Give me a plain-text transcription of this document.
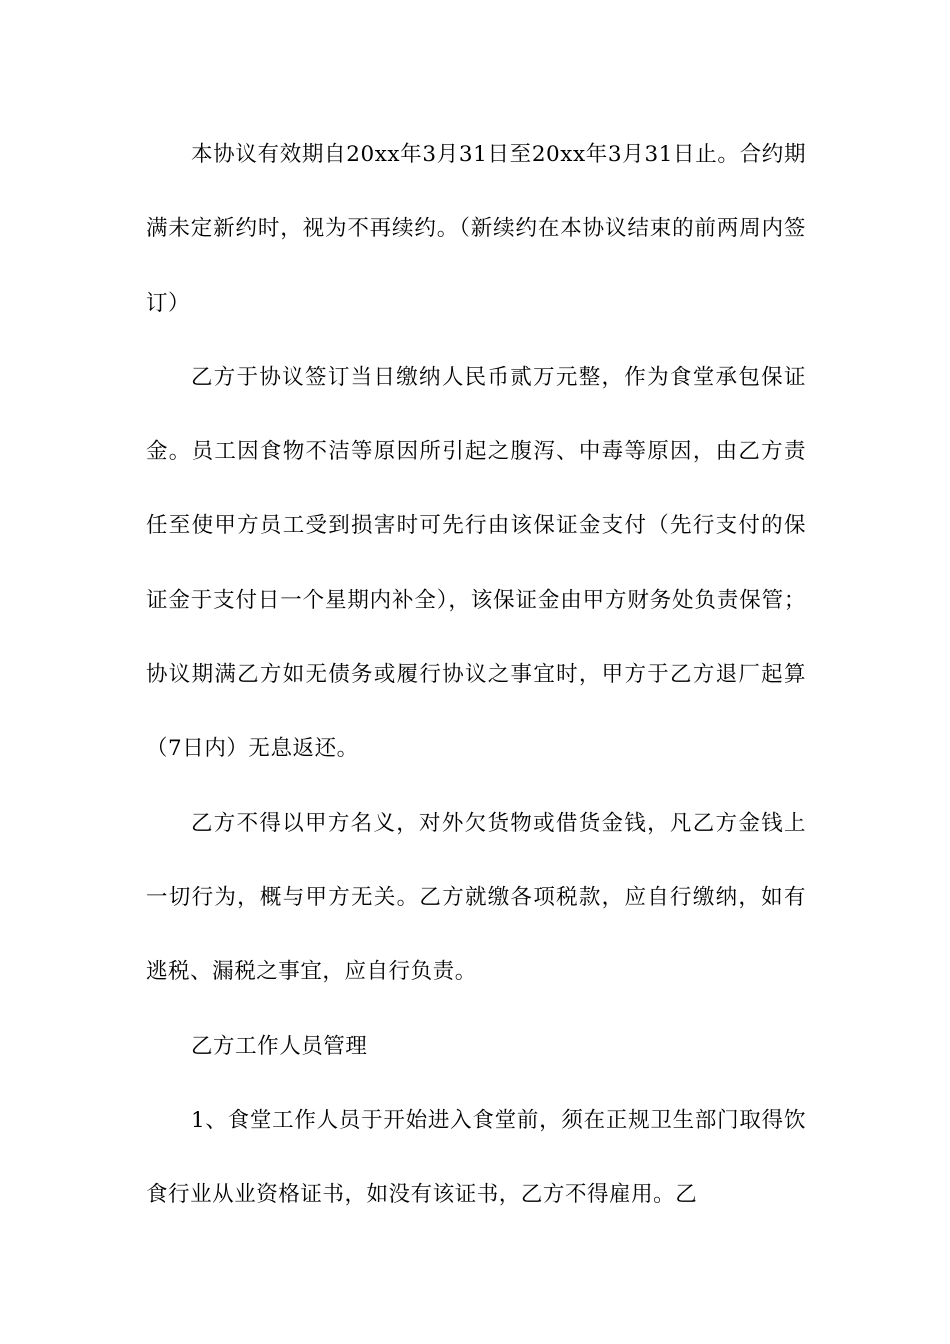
本协议有效期自20xx年3月31日至20xx年3月31日止。合约期满未定新约时，视为不再续约。（新续约在本协议结束的前两周内签订）

乙方于协议签订当日缴纳人民币贰万元整，作为食堂承包保证金。员工因食物不洁等原因所引起之腹泻、中毒等原因，由乙方责任至使甲方员工受到损害时可先行由该保证金支付（先行支付的保证金于支付日一个星期内补全），该保证金由甲方财务处负责保管；协议期满乙方如无债务或履行协议之事宜时，甲方于乙方退厂起算（7日内）无息返还。

乙方不得以甲方名义，对外欠货物或借货金钱，凡乙方金钱上一切行为，概与甲方无关。乙方就缴各项税款，应自行缴纳，如有逃税、漏税之事宜，应自行负责。

乙方工作人员管理

1、食堂工作人员于开始进入食堂前，须在正规卫生部门取得饮食行业从业资格证书，如没有该证书，乙方不得雇用。乙
